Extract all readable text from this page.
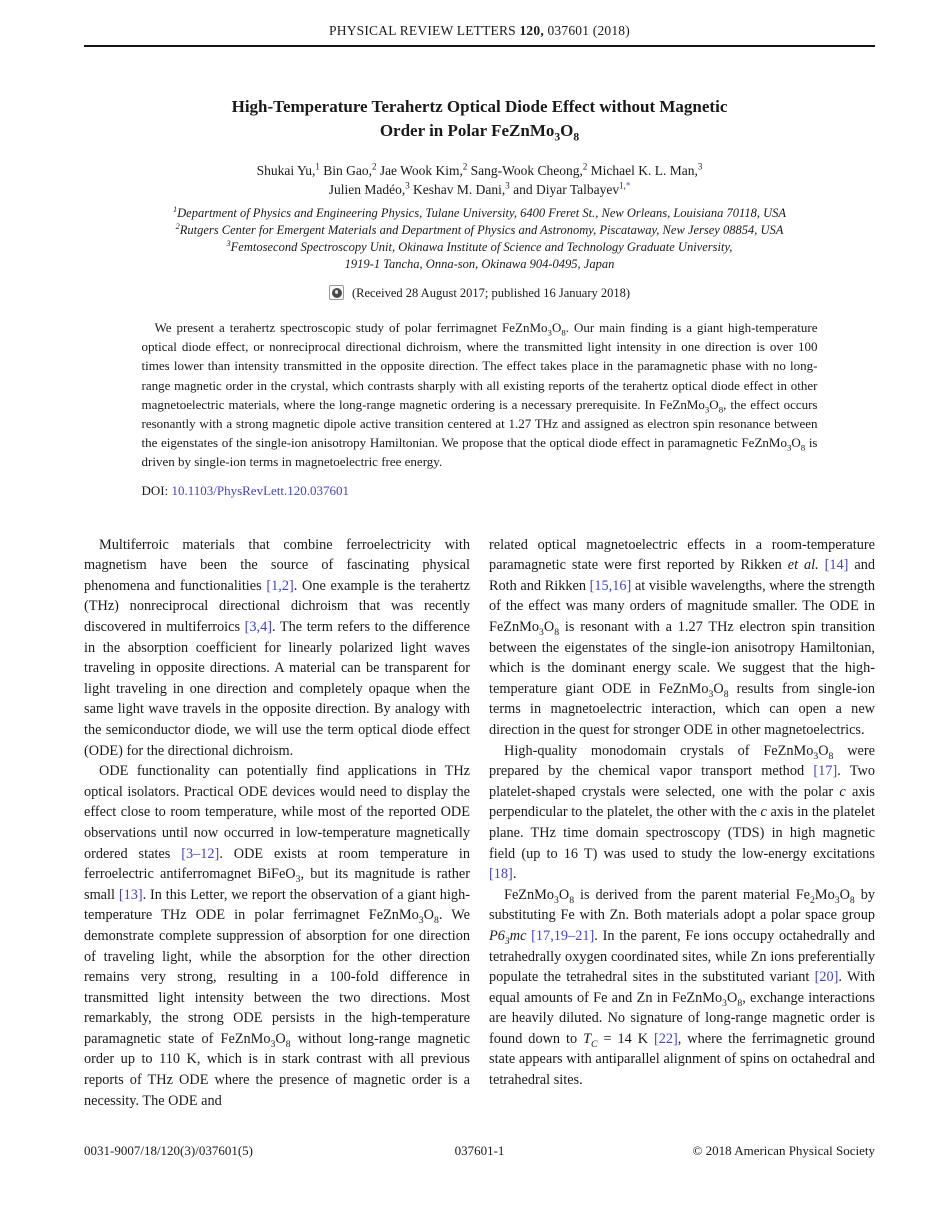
PHYSICAL REVIEW LETTERS 120, 037601 (2018)
High-Temperature Terahertz Optical Diode Effect without Magnetic
Order in Polar $FeZnMo_3O_8$
Shukai Yu,$^1$ Bin Gao,$^2$ Jae Wook Kim,$^2$ Sang-Wook Cheong,$^2$ Michael K. L. Man,$^3$
Julien Madéo,$^3$ Keshav M. Dani,$^3$ and Diyar Talbayev$^{1,*}$
$^1$Department of Physics and Engineering Physics, Tulane University, 6400 Freret St., New Orleans, Louisiana 70118, USA
$^2$Rutgers Center for Emergent Materials and Department of Physics and Astronomy, Piscataway, New Jersey 08854, USA
$^3$Femtosecond Spectroscopy Unit, Okinawa Institute of Science and Technology Graduate University,
1919-1 Tancha, Onna-son, Okinawa 904-0495, Japan
(Received 28 August 2017; published 16 January 2018)
We present a terahertz spectroscopic study of polar ferrimagnet $FeZnMo_3O_8$. Our main finding is a giant high-temperature optical diode effect, or nonreciprocal directional dichroism, where the transmitted light intensity in one direction is over 100 times lower than intensity transmitted in the opposite direction. The effect takes place in the paramagnetic phase with no long-range magnetic order in the crystal, which contrasts sharply with all existing reports of the terahertz optical diode effect in other magnetoelectric materials, where the long-range magnetic ordering is a necessary prerequisite. In $FeZnMo_3O_8$, the effect occurs resonantly with a strong magnetic dipole active transition centered at 1.27 THz and assigned as electron spin resonance between the eigenstates of the single-ion anisotropy Hamiltonian. We propose that the optical diode effect in paramagnetic $FeZnMo_3O_8$ is driven by single-ion terms in magnetoelectric free energy.
DOI: 10.1103/PhysRevLett.120.037601

Multiferroic materials that combine ferroelectricity with magnetism have been the source of fascinating physical phenomena and functionalities [1,2]. One example is the terahertz (THz) nonreciprocal directional dichroism that was recently discovered in multiferroics [3,4]. The term refers to the difference in the absorption coefficient for linearly polarized light waves traveling in opposite directions. A material can be transparent for light traveling in one direction and completely opaque when the same light wave travels in the opposite direction. By analogy with the semiconductor diode, we will use the term optical diode effect (ODE) for the directional dichroism.

ODE functionality can potentially find applications in THz optical isolators. Practical ODE devices would need to display the effect close to room temperature, while most of the reported ODE observations until now occurred in low-temperature magnetically ordered states [3–12]. ODE exists at room temperature in ferroelectric antiferromagnet BiFeO$_3$, but its magnitude is rather small [13]. In this Letter, we report the observation of a giant high-temperature THz ODE in polar ferrimagnet $FeZnMo_3O_8$. We demonstrate complete suppression of absorption for one direction of traveling light, while the absorption for the other direction remains very strong, resulting in a 100-fold difference in transmitted light intensity between the two directions. Most remarkably, the strong ODE persists in the high-temperature paramagnetic state of $FeZnMo_3O_8$ without long-range magnetic order up to 110 K, which is in stark contrast with all previous reports of THz ODE where the presence of magnetic order is a necessity. The ODE and

related optical magnetoelectric effects in a room-temperature paramagnetic state were first reported by Rikken et al. [14] and Roth and Rikken [15,16] at visible wavelengths, where the strength of the effect was many orders of magnitude smaller. The ODE in $FeZnMo_3O_8$ is resonant with a 1.27 THz electron spin transition between the eigenstates of the single-ion anisotropy Hamiltonian, which is the dominant energy scale. We suggest that the high-temperature giant ODE in $FeZnMo_3O_8$ results from single-ion terms in magnetoelectric interaction, which can open a new direction in the quest for stronger ODE in other magnetoelectrics.

High-quality monodomain crystals of $FeZnMo_3O_8$ were prepared by the chemical vapor transport method [17]. Two platelet-shaped crystals were selected, one with the polar c axis perpendicular to the platelet, the other with the c axis in the platelet plane. THz time domain spectroscopy (TDS) in high magnetic field (up to 16 T) was used to study the low-energy excitations [18].

$FeZnMo_3O_8$ is derived from the parent material $Fe_2Mo_3O_8$ by substituting Fe with Zn. Both materials adopt a polar space group $P6_3mc$ [17,19–21]. In the parent, Fe ions occupy octahedrally and tetrahedrally oxygen coordinated sites, while Zn ions preferentially populate the tetrahedral sites in the substituted variant [20]. With equal amounts of Fe and Zn in $FeZnMo_3O_8$, exchange interactions are heavily diluted. No signature of long-range magnetic order is found down to $T_C = 14$ K [22], where the ferrimagnetic ground state appears with antiparallel alignment of spins on octahedral and tetrahedral sites.

0031-9007/18/120(3)/037601(5)	037601-1	© 2018 American Physical Society
